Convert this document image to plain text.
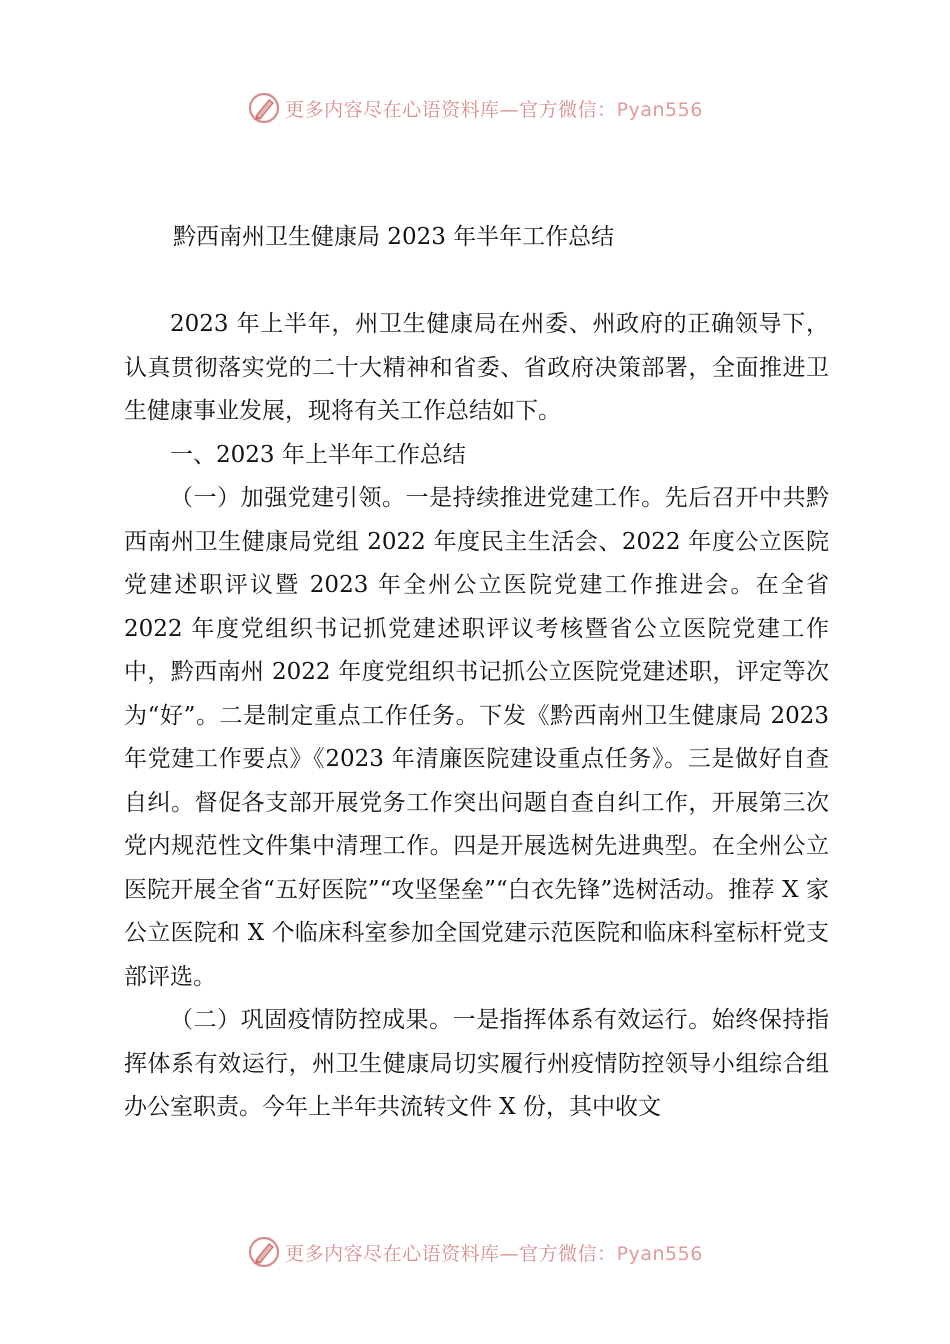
更多内容尽在心语资料库—官方微信：Pyan556
黔西南州卫生健康局 2023 年半年工作总结

2023 年上半年，州卫生健康局在州委、州政府的正确领导下，认真贯彻落实党的二十大精神和省委、省政府决策部署，全面推进卫生健康事业发展，现将有关工作总结如下。

一、2023 年上半年工作总结

（一）加强党建引领。一是持续推进党建工作。先后召开中共黔西南州卫生健康局党组 2022 年度民主生活会、2022 年度公立医院党建述职评议暨 2023 年全州公立医院党建工作推进会。在全省 2022 年度党组织书记抓党建述职评议考核暨省公立医院党建工作中，黔西南州 2022 年度党组织书记抓公立医院党建述职，评定等次为“好”。二是制定重点工作任务。下发《黔西南州卫生健康局 2023 年党建工作要点》《2023 年清廉医院建设重点任务》。三是做好自查自纠。督促各支部开展党务工作突出问题自查自纠工作，开展第三次党内规范性文件集中清理工作。四是开展选树先进典型。在全州公立医院开展全省“五好医院”“攻坚堡垒”“白衣先锋”选树活动。推荐 X 家公立医院和 X 个临床科室参加全国党建示范医院和临床科室标杆党支部评选。

（二）巩固疫情防控成果。一是指挥体系有效运行。始终保持指挥体系有效运行，州卫生健康局切实履行州疫情防控领导小组综合组办公室职责。今年上半年共流转文件 X 份，其中收文

更多内容尽在心语资料库—官方微信：Pyan556
